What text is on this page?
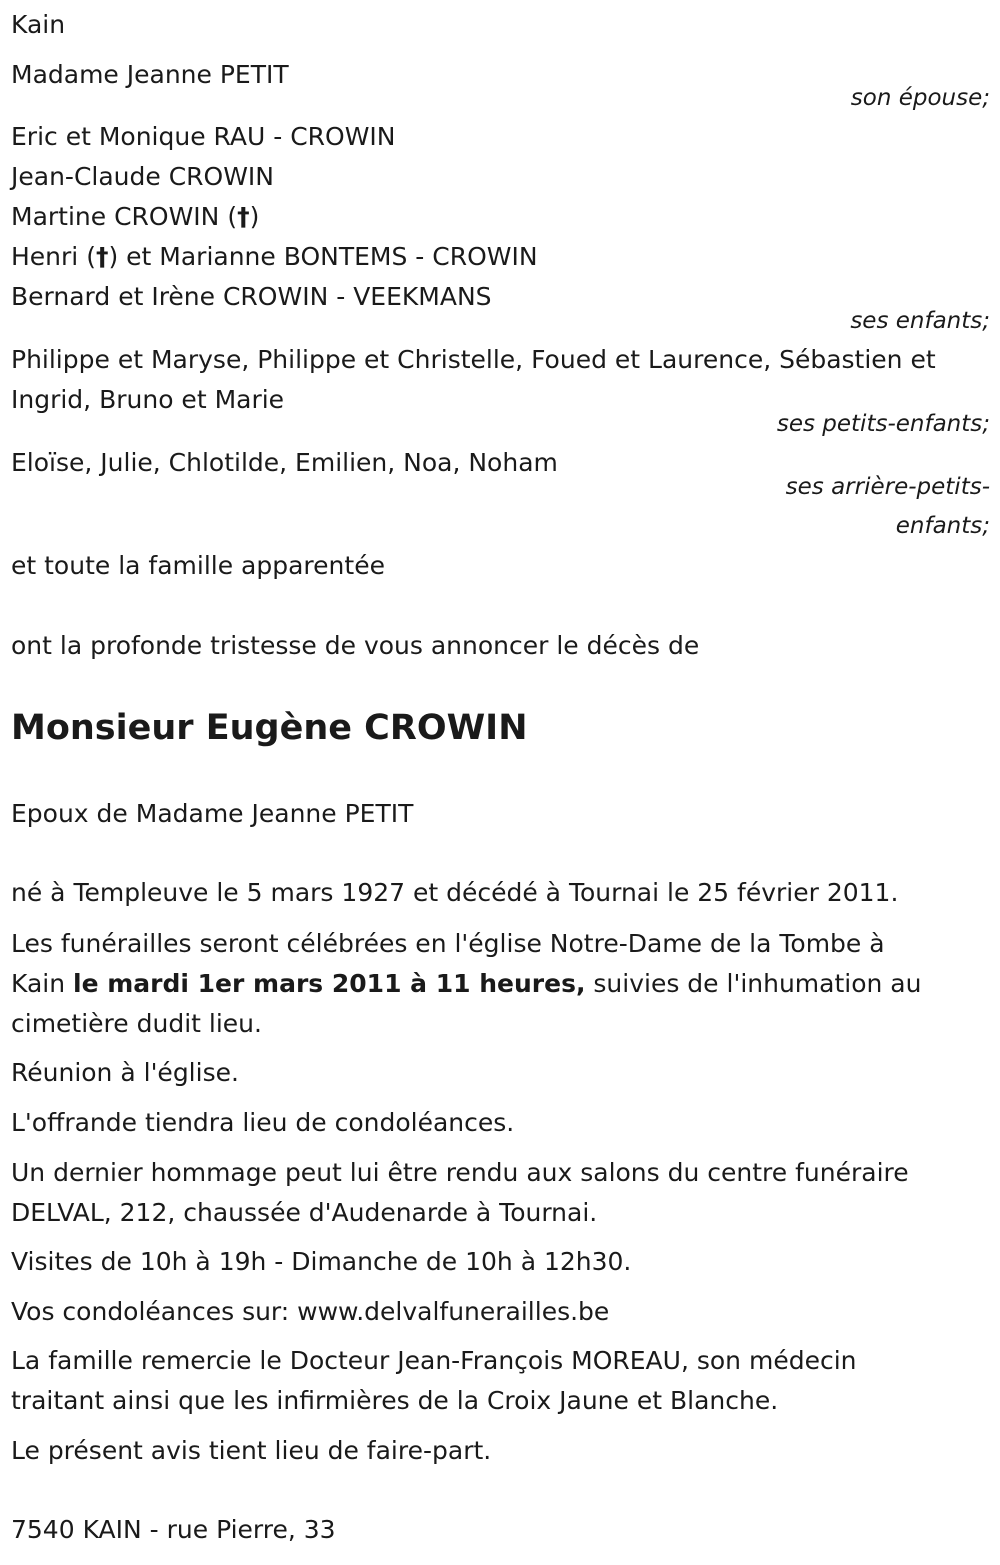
Kain
Madame Jeanne PETIT
son épouse;
Eric et Monique RAU - CROWIN
Jean-Claude CROWIN
Martine CROWIN (†)
Henri (†) et Marianne BONTEMS - CROWIN
Bernard et Irène CROWIN - VEEKMANS
ses enfants;
Philippe et Maryse, Philippe et Christelle, Foued et Laurence, Sébastien et
Ingrid, Bruno et Marie
ses petits-enfants;
Eloïse, Julie, Chlotilde, Emilien, Noa, Noham
ses arrière-petits-
enfants;
et toute la famille apparentée
ont la profonde tristesse de vous annoncer le décès de
Monsieur Eugène CROWIN
Epoux de Madame Jeanne PETIT
né à Templeuve le 5 mars 1927 et décédé à Tournai le 25 février 2011.
Les funérailles seront célébrées en l'église Notre-Dame de la Tombe à
Kain le mardi 1er mars 2011 à 11 heures, suivies de l'inhumation au
cimetière dudit lieu.
Réunion à l'église.
L'offrande tiendra lieu de condoléances.
Un dernier hommage peut lui être rendu aux salons du centre funéraire
DELVAL, 212, chaussée d'Audenarde à Tournai.
Visites de 10h à 19h - Dimanche de 10h à 12h30.
Vos condoléances sur: www.delvalfunerailles.be
La famille remercie le Docteur Jean-François MOREAU, son médecin
traitant ainsi que les infirmières de la Croix Jaune et Blanche.
Le présent avis tient lieu de faire-part.
7540 KAIN - rue Pierre, 33
